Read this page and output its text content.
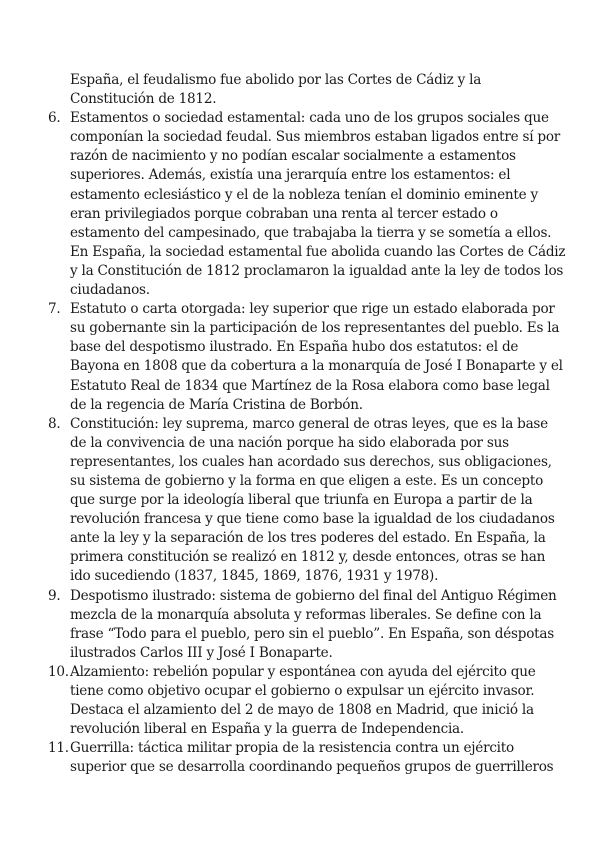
España, el feudalismo fue abolido por las Cortes de Cádiz y la Constitución de 1812.

6. Estamentos o sociedad estamental: cada uno de los grupos sociales que componían la sociedad feudal. Sus miembros estaban ligados entre sí por razón de nacimiento y no podían escalar socialmente a estamentos superiores. Además, existía una jerarquía entre los estamentos: el estamento eclesiástico y el de la nobleza tenían el dominio eminente y eran privilegiados porque cobraban una renta al tercer estado o estamento del campesinado, que trabajaba la tierra y se sometía a ellos. En España, la sociedad estamental fue abolida cuando las Cortes de Cádiz y la Constitución de 1812 proclamaron la igualdad ante la ley de todos los ciudadanos.
7. Estatuto o carta otorgada: ley superior que rige un estado elaborada por su gobernante sin la participación de los representantes del pueblo. Es la base del despotismo ilustrado. En España hubo dos estatutos: el de Bayona en 1808 que da cobertura a la monarquía de José I Bonaparte y el Estatuto Real de 1834 que Martínez de la Rosa elabora como base legal de la regencia de María Cristina de Borbón.
8. Constitución: ley suprema, marco general de otras leyes, que es la base de la convivencia de una nación porque ha sido elaborada por sus representantes, los cuales han acordado sus derechos, sus obligaciones, su sistema de gobierno y la forma en que eligen a este. Es un concepto que surge por la ideología liberal que triunfa en Europa a partir de la revolución francesa y que tiene como base la igualdad de los ciudadanos ante la ley y la separación de los tres poderes del estado. En España, la primera constitución se realizó en 1812 y, desde entonces, otras se han ido sucediendo (1837, 1845, 1869, 1876, 1931 y 1978).
9. Despotismo ilustrado: sistema de gobierno del final del Antiguo Régimen mezcla de la monarquía absoluta y reformas liberales. Se define con la frase “Todo para el pueblo, pero sin el pueblo”. En España, son déspotas ilustrados Carlos III y José I Bonaparte.
10. Alzamiento: rebelión popular y espontánea con ayuda del ejército que tiene como objetivo ocupar el gobierno o expulsar un ejército invasor. Destaca el alzamiento del 2 de mayo de 1808 en Madrid, que inició la revolución liberal en España y la guerra de Independencia.
11. Guerrilla: táctica militar propia de la resistencia contra un ejército superior que se desarrolla coordinando pequeños grupos de guerrilleros
